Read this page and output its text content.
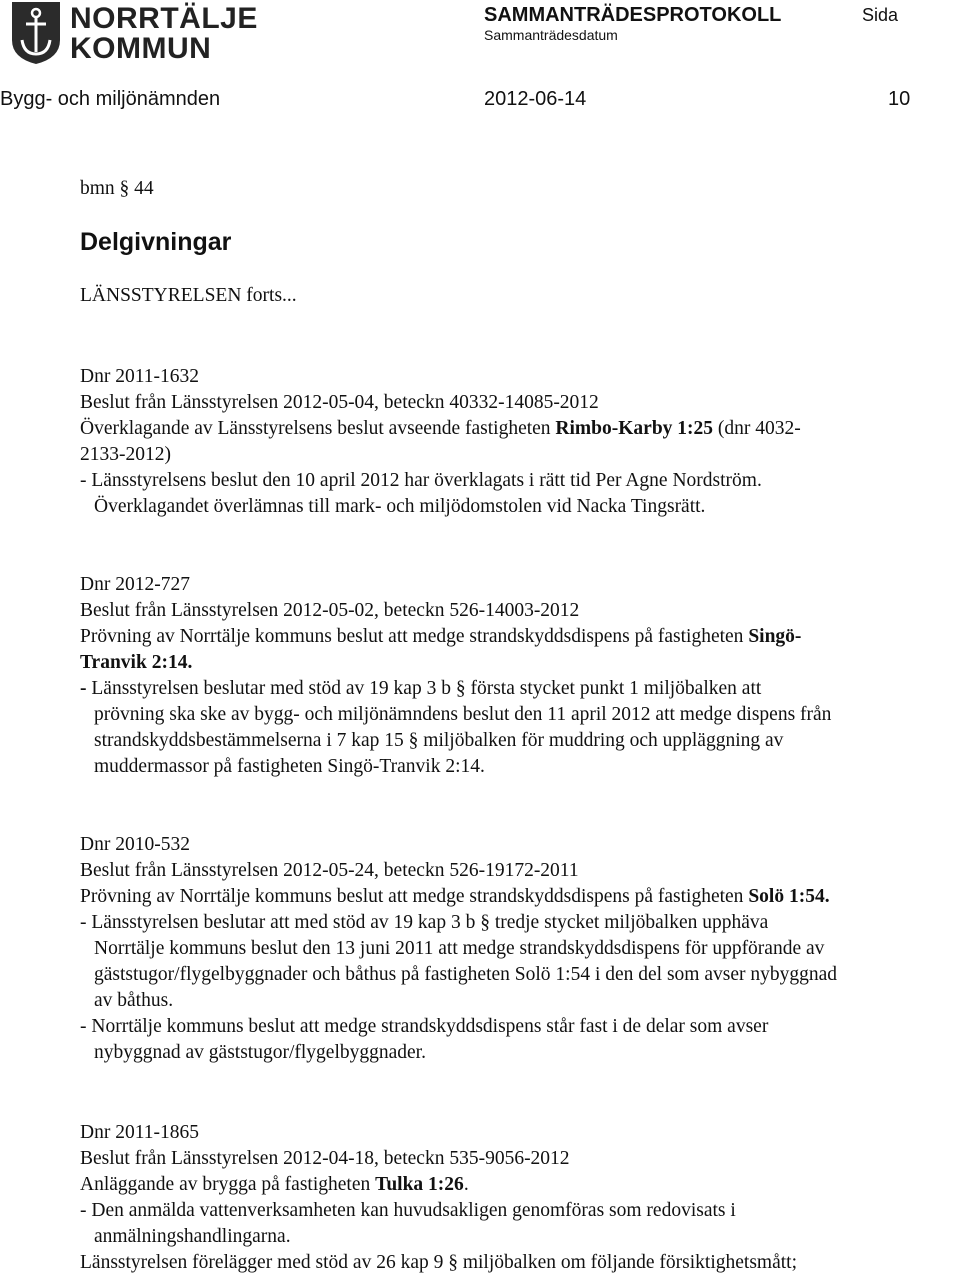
NORRTÄLJE
KOMMUN
SAMMANTRÄDESPROTOKOLL	Sida
Sammanträdesdatum
Bygg- och miljönämnden	2012-06-14	10
bmn § 44
Delgivningar
LÄNSSTYRELSEN forts...
Dnr 2011-1632
Beslut från Länsstyrelsen 2012-05-04, beteckn 40332-14085-2012
Överklagande av Länsstyrelsens beslut avseende fastigheten Rimbo-Karby 1:25 (dnr 4032-
2133-2012)
- Länsstyrelsens beslut den 10 april 2012 har överklagats i rätt tid Per Agne Nordström.
Överklagandet överlämnas till mark- och miljödomstolen vid Nacka Tingsrätt.
Dnr 2012-727
Beslut från Länsstyrelsen 2012-05-02, beteckn 526-14003-2012
Prövning av Norrtälje kommuns beslut att medge strandskyddsdispens på fastigheten Singö-
Tranvik 2:14.
- Länsstyrelsen beslutar med stöd av 19 kap 3 b § första stycket punkt 1 miljöbalken att
prövning ska ske av bygg- och miljönämndens beslut den 11 april 2012 att medge dispens från
strandskyddsbestämmelserna i 7 kap 15 § miljöbalken för muddring och uppläggning av
muddermassor på fastigheten Singö-Tranvik 2:14.
Dnr 2010-532
Beslut från Länsstyrelsen 2012-05-24, beteckn 526-19172-2011
Prövning av Norrtälje kommuns beslut att medge strandskyddsdispens på fastigheten Solö 1:54.
- Länsstyrelsen beslutar att med stöd av 19 kap 3 b § tredje stycket miljöbalken upphäva
Norrtälje kommuns beslut den 13 juni 2011 att medge strandskyddsdispens för uppförande av
gäststugor/flygelbyggnader och båthus på fastigheten Solö 1:54 i den del som avser nybyggnad
av båthus.
- Norrtälje kommuns beslut att medge strandskyddsdispens står fast i de delar som avser
nybyggnad av gäststugor/flygelbyggnader.
Dnr 2011-1865
Beslut från Länsstyrelsen 2012-04-18, beteckn 535-9056-2012
Anläggande av brygga på fastigheten Tulka 1:26.
- Den anmälda vattenverksamheten kan huvudsakligen genomföras som redovisats i
anmälningshandlingarna.
Länsstyrelsen förelägger med stöd av 26 kap 9 § miljöbalken om följande försiktighetsmått;
